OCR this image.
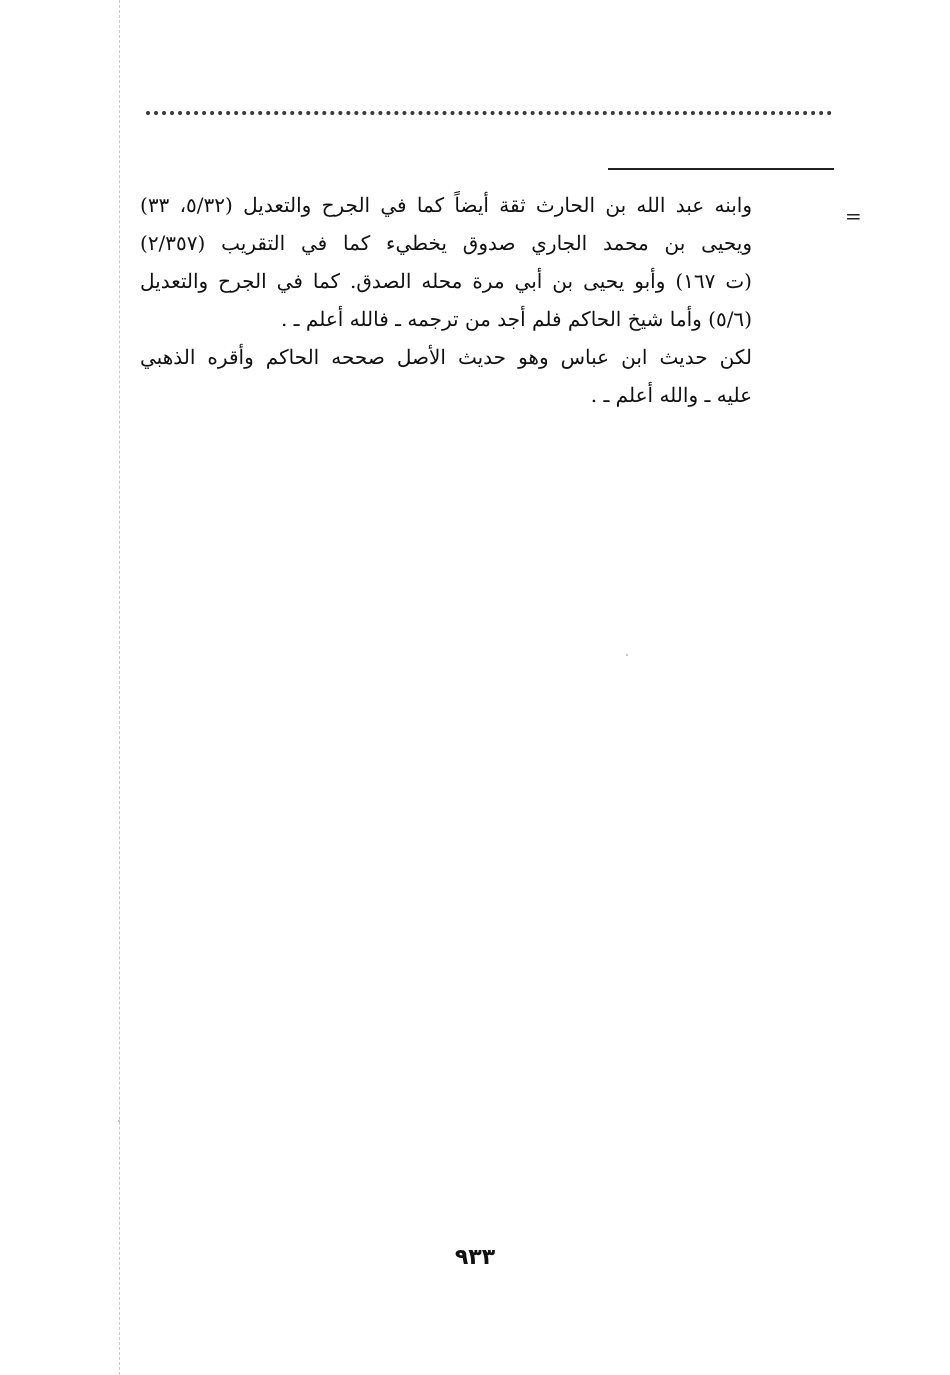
=
وابنه عبد الله بن الحارث ثقة أيضاً كما في الجرح والتعديل (٥/٣٢، ٣٣)
ويحيى بن محمد الجاري صدوق يخطيء كما في التقريب (٢/٣٥٧)
(ت ١٦٧) وأبو يحيى بن أبي مرة محله الصدق. كما في الجرح والتعديل
(٥/٦) وأما شيخ الحاكم فلم أجد من ترجمه ـ فالله أعلم ـ .
لكن حديث ابن عباس وهو حديث الأصل صححه الحاكم وأقره الذهبي
عليه ـ والله أعلم ـ .
٩٣٣
